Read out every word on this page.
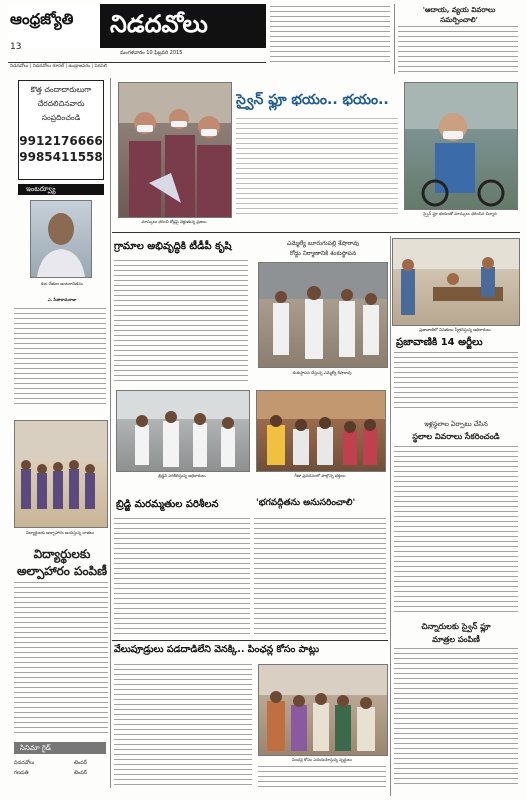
ఆంధ్రజ్యోతి
13
నిడదవోలు
మంగళవారం 10 ఫిబ్రవరి 2015
నిడదవోలు | నిడదవోలు రూరల్ | ఉండ్రాజవరం | పెరవలి
'ఆదాయ, వ్యయ వివరాలు
సమర్పించాలి'
కొత్త చందాదారులుగా
చేరదలిచినవారు
సంప్రదించండి
9912176666
9985411558
ఇంటర్వ్యూ
కుల చేతుల అంటరానితనం
ఎ. సీతారామరాజు
విద్యార్థులకు అల్పాహారం అందిస్తున్న దాతలు
విద్యార్థులకు
అల్పాహారం పంపిణీ
సినిమా గైడ్
నిడదవోలు	టెంపర్
గణపతి	టెంపర్
మాస్కులు ధరించి రోడ్లపై వెళ్లుతున్న ప్రజలు
స్వైన్ ఫ్లూ భయం.. భయం..
స్వైన్ ఫ్లూ భయంతో మాస్కులు ధరించిన చిన్నారి
గ్రామాల అభివృద్ధికి టీడీపీ కృషి	ఎమ్మెల్యే బూరుగుపల్లి శేషారావు
రోడ్డు నిర్మాణానికి శంకుస్థాపన
శంకుస్థాపన చేస్తున్న ఎమ్మెల్యే శేషారావు
ప్రజావాణిలో వినతులు స్వీకరిస్తున్న అధికారులు
ప్రజావాణికి 14 అర్జీలు
బ్రిడ్జిని పరిశీలిస్తున్న అధికారులు
బ్రిడ్జి మరమ్మతుల పరిశీలన
గీతా ప్రవచనంలో పాల్గొన్న భక్తులు
'భగవద్గీతను అనుసరించాలి'
ఇళ్లస్థలాల ఏర్పాటు చేసిన
స్థలాల వివరాలు సేకరించండి
చిన్నారులకు స్వైన్ ఫ్లూ
మాత్రల పంపిణీ
వేలుపూడ్రులు పడదాడిలేని వెనక్కి.. పింఛన్ల కోసం పాట్లు
పింఛన్ల కోసం ఎదురుచూస్తున్న వృద్ధులు
